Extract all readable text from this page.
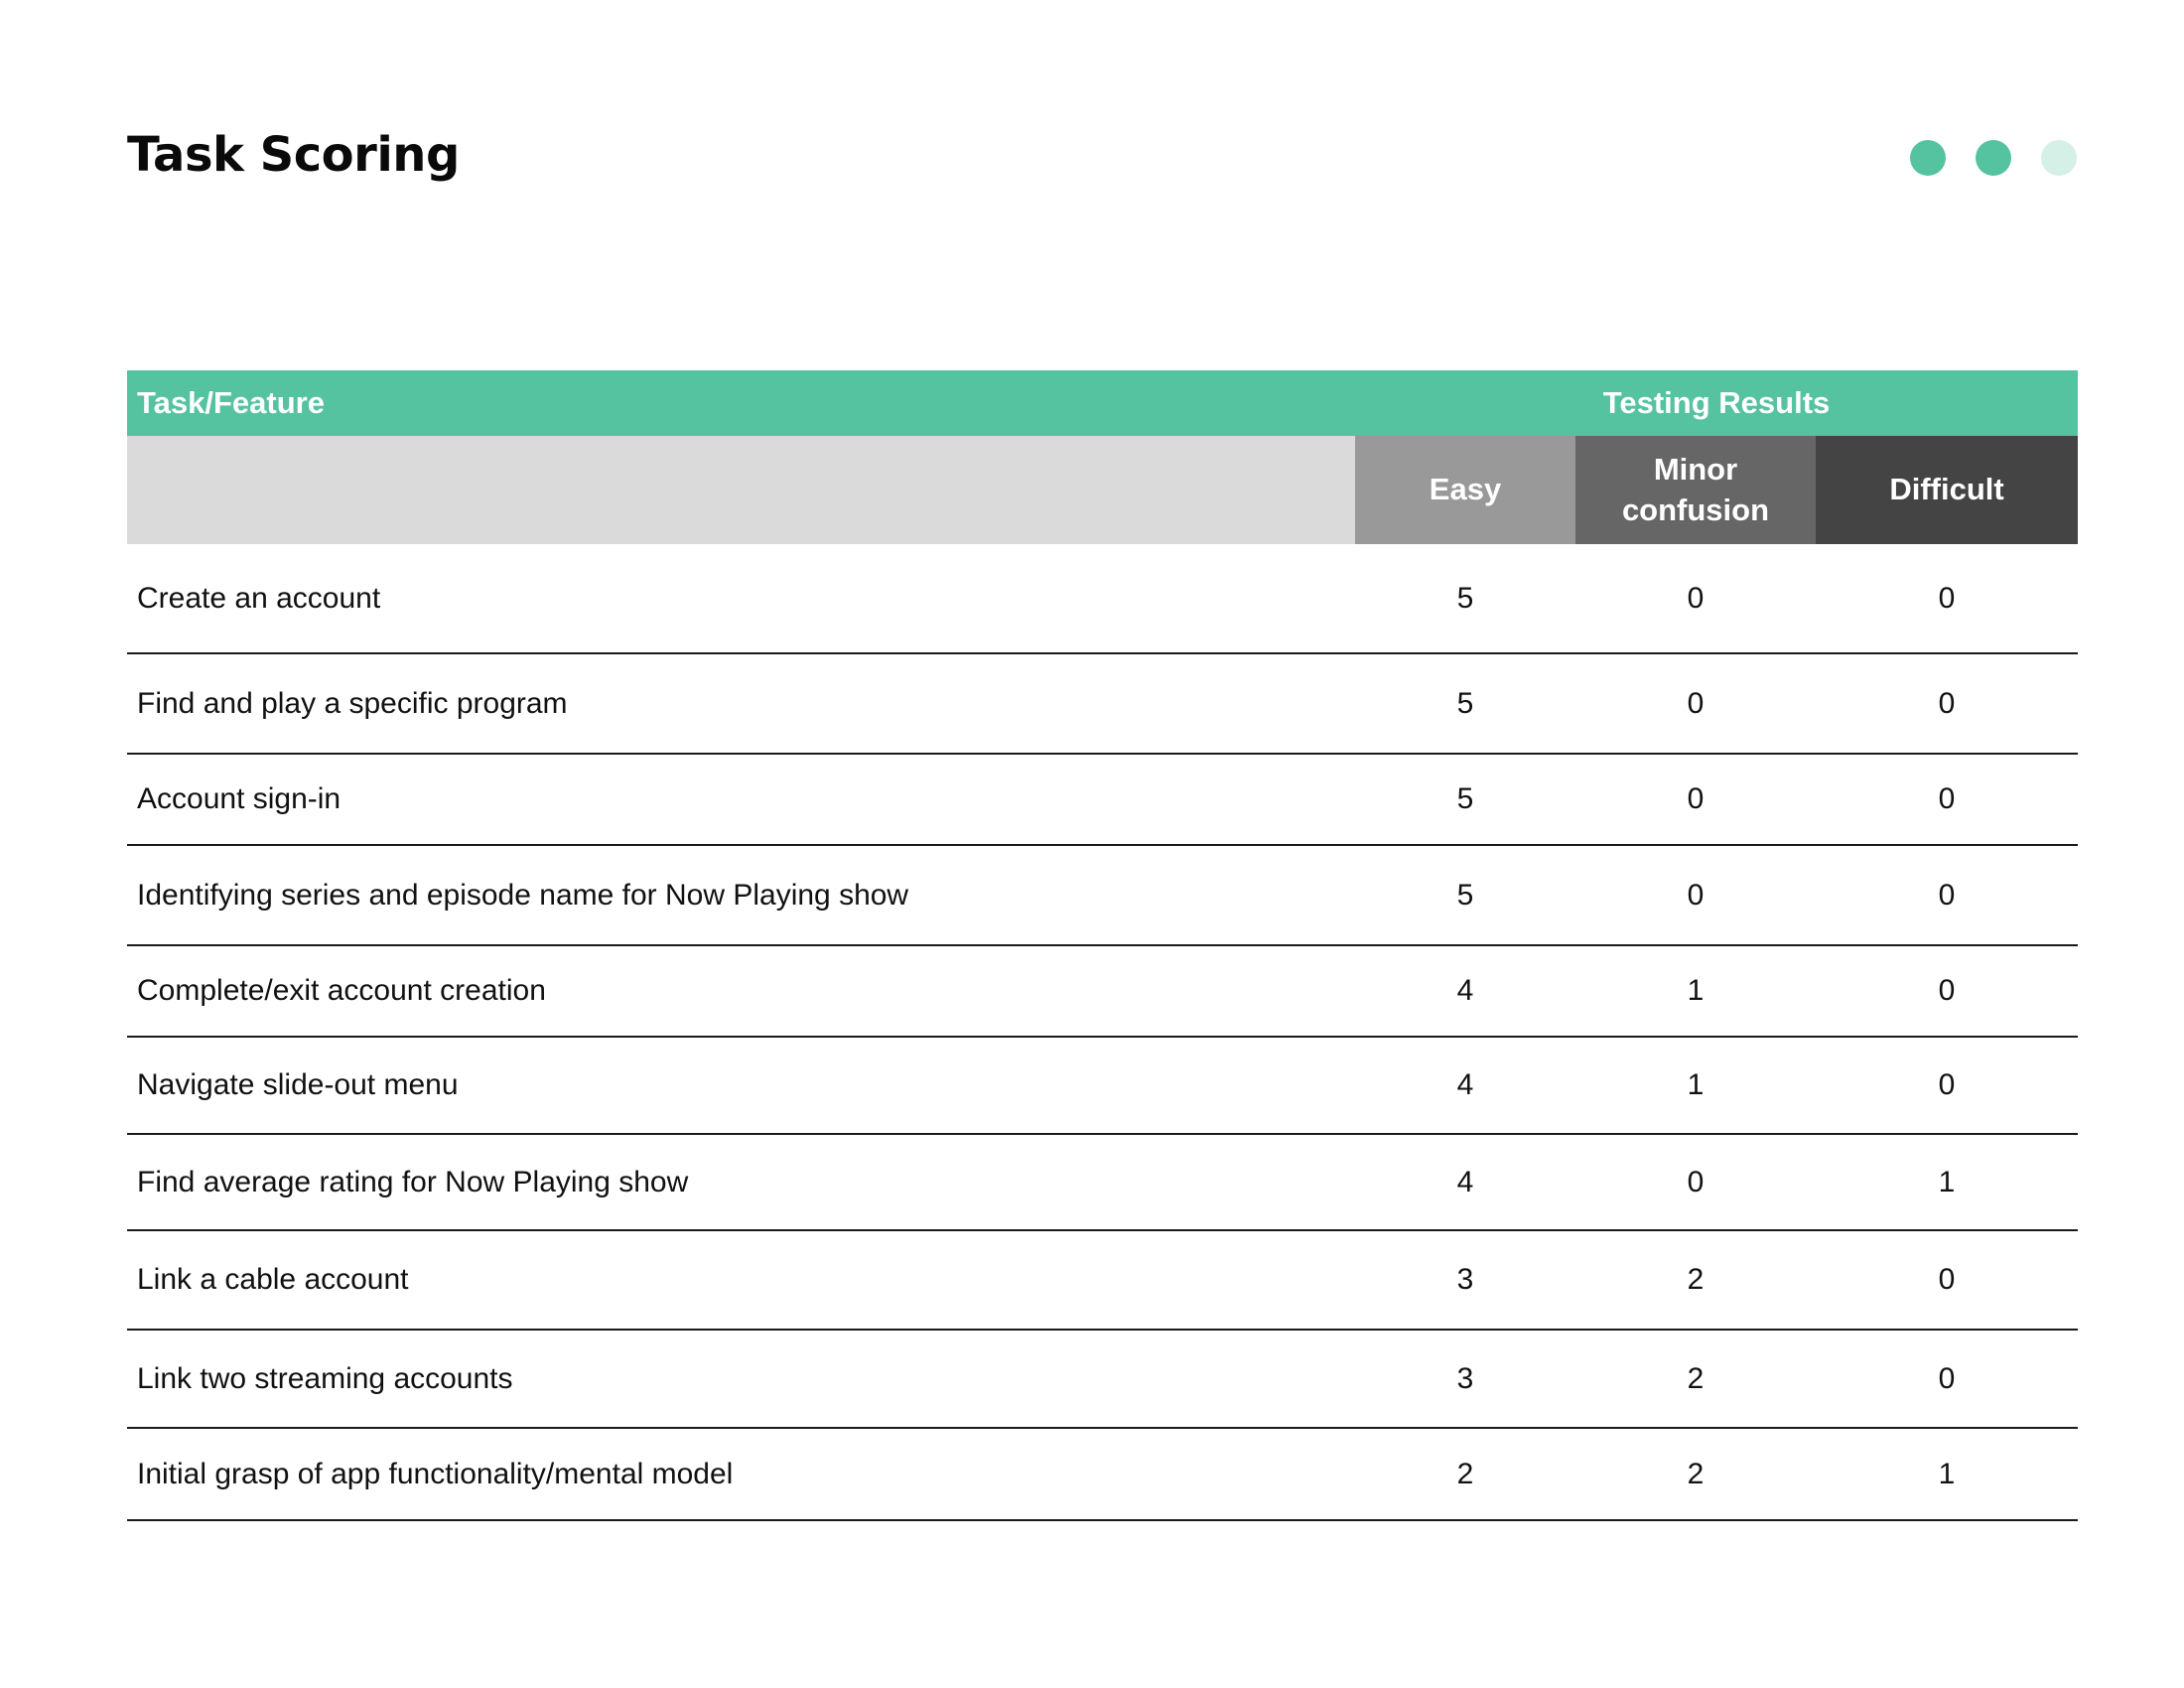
Task Scoring
Task/Feature	Testing Results		
	Easy	Minor confusion	Difficult
Create an account	5	0	0
Find and play a specific program	5	0	0
Account sign-in	5	0	0
Identifying series and episode name for Now Playing show	5	0	0
Complete/exit account creation	4	1	0
Navigate slide-out menu	4	1	0
Find average rating for Now Playing show	4	0	1
Link a cable account	3	2	0
Link two streaming accounts	3	2	0
Initial grasp of app functionality/mental model	2	2	1
